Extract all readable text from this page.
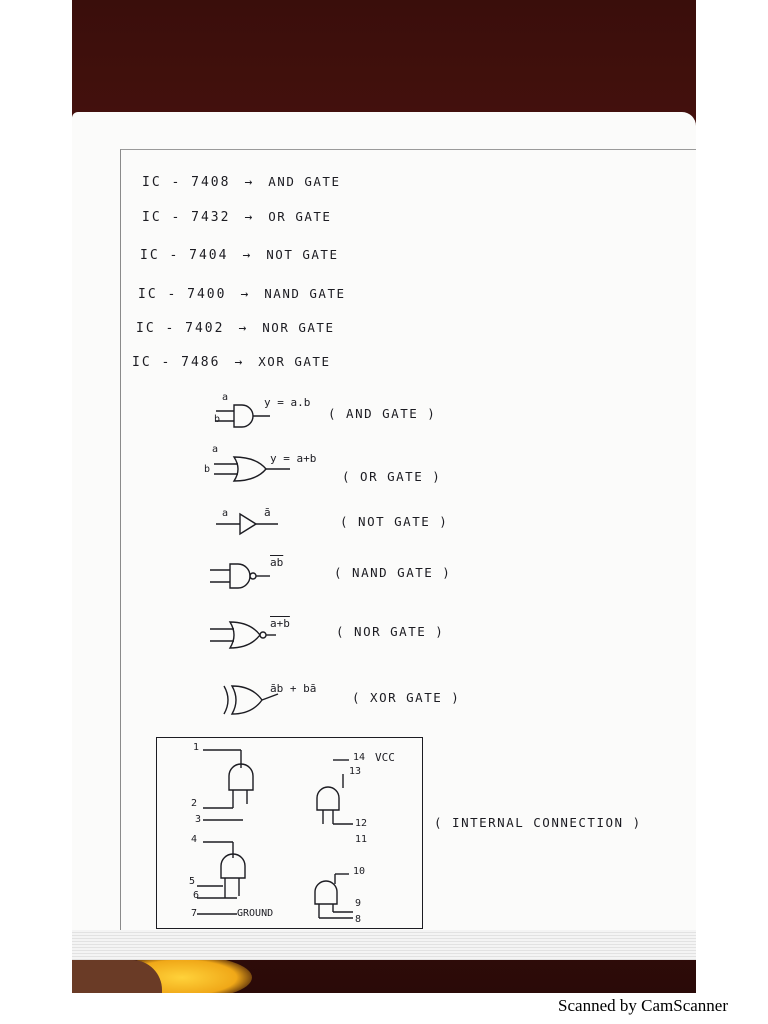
IC - 7408 → AND GATE
IC - 7432 → OR GATE
IC - 7404 → NOT GATE
IC - 7400 → NAND GATE
IC - 7402 → NOR GATE
IC - 7486 → XOR GATE
a
b
y = a.b
( AND GATE )
a
b
y = a+b
( OR GATE )
a	ā
( NOT GATE )
$\overline{ab}$
( NAND GATE )
a+b
( NOR GATE )
āb + bā
( XOR GATE )
1
2
3
4
5
6
7	GROUND
14 VCC
13
12
11
10
9
8
( INTERNAL CONNECTION )
Scanned by CamScanner
